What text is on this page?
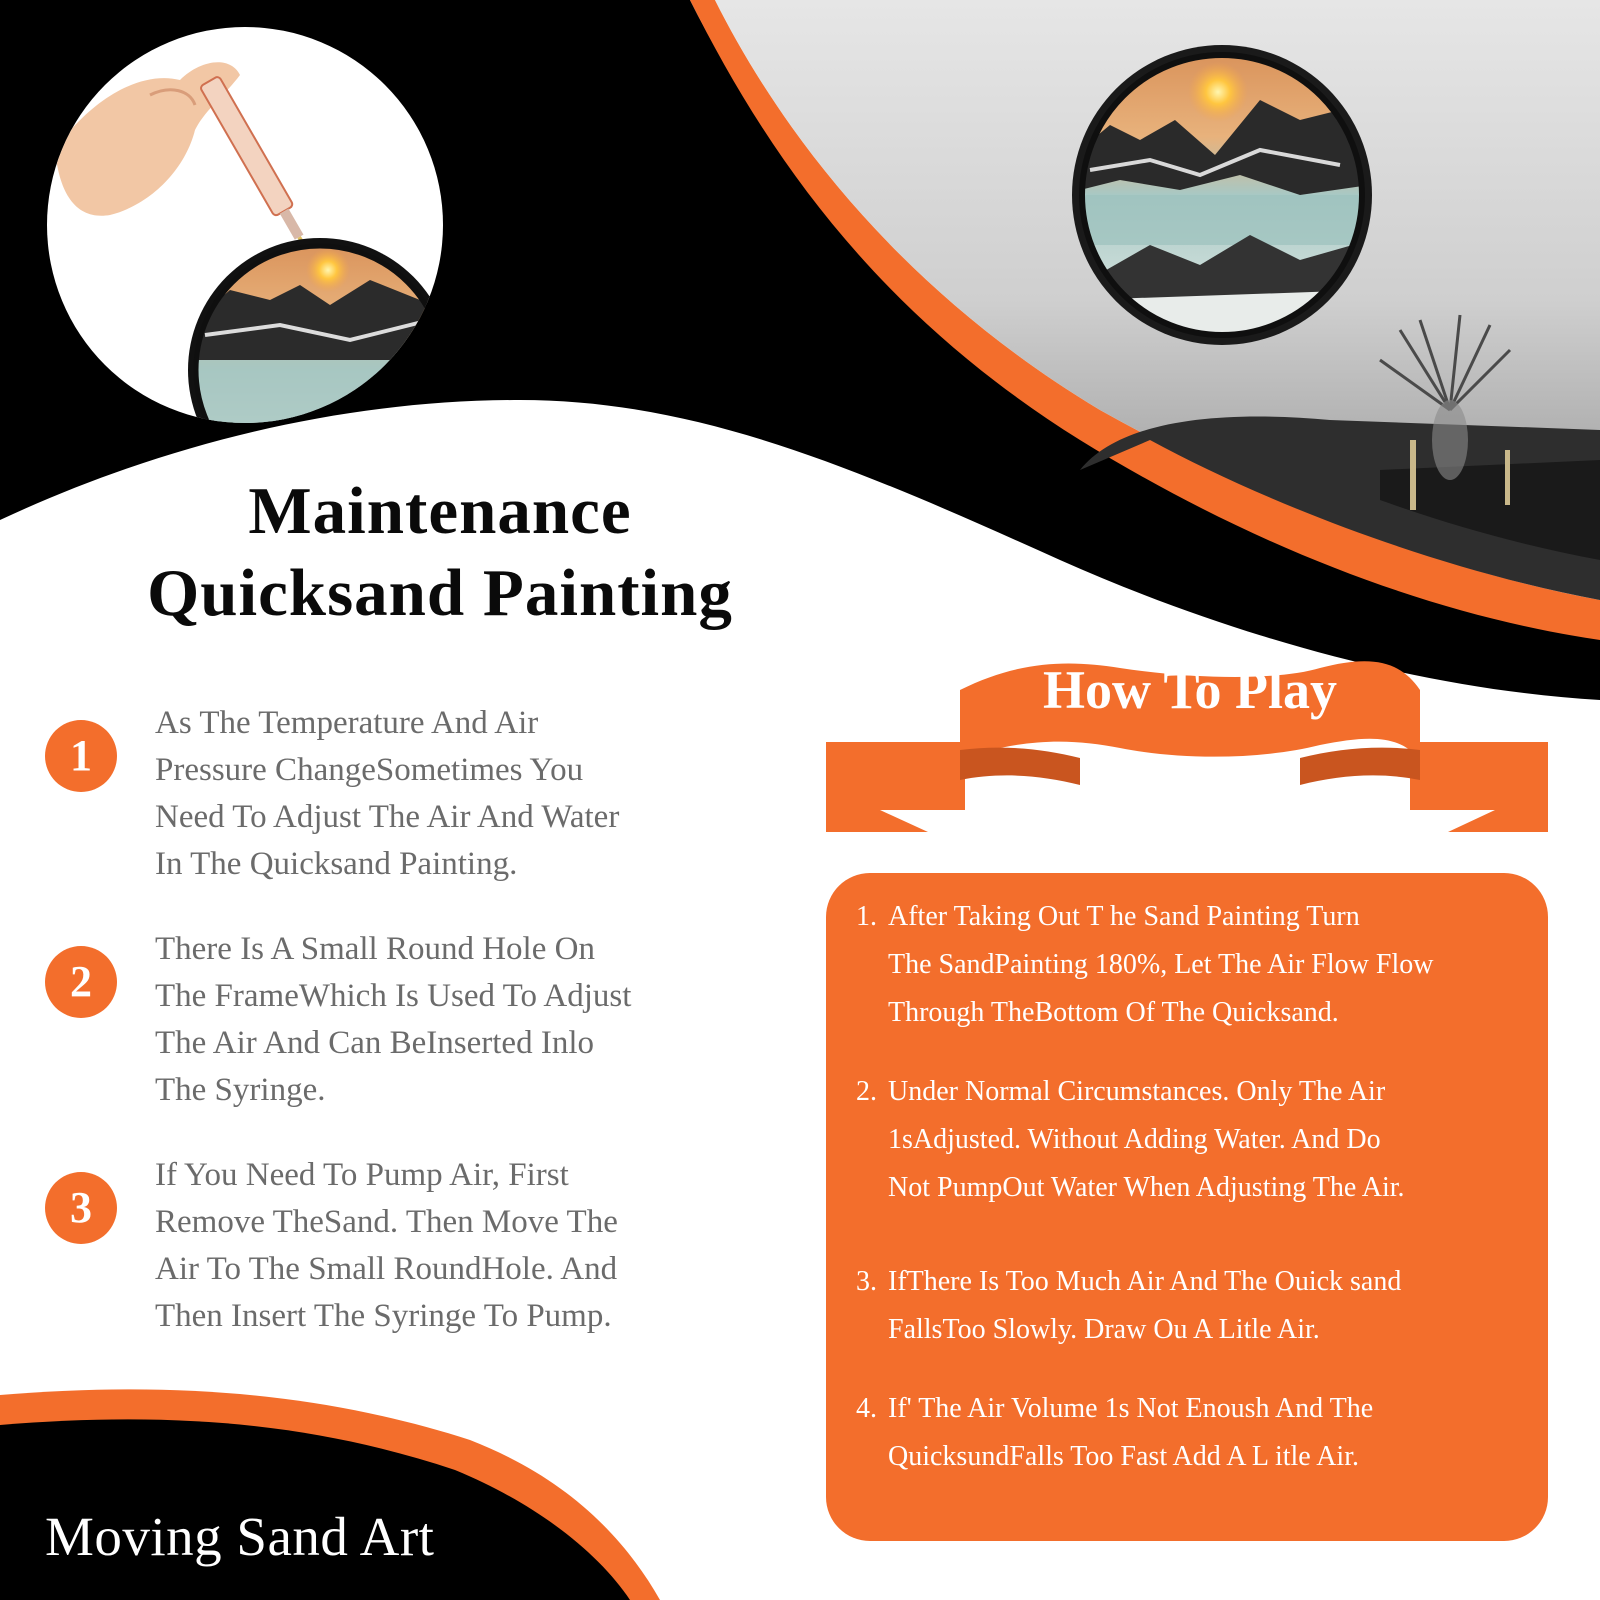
Maintenance
Quicksand Painting
1
As The Temperature And Air
Pressure ChangeSometimes You
Need To Adjust The Air And Water
In The Quicksand Painting.
2
There Is A Small Round Hole On
The FrameWhich Is Used To Adjust
The Air And Can BeInserted Inlo
The Syringe.
3
If You Need To Pump Air, First
Remove TheSand. Then Move The
Air To The Small RoundHole. And
Then Insert The Syringe To Pump.
How To Play
1. After Taking Out T he Sand Painting Turn
The SandPainting 180%, Let The Air Flow Flow
Through TheBottom Of The Quicksand.
2. Under Normal Circumstances. Only The Air
1sAdjusted. Without Adding Water. And Do
Not PumpOut Water When Adjusting The Air.
3. IfThere Is Too Much Air And The Ouick sand
FallsToo Slowly. Draw Ou A Litle Air.
4. If' The Air Volume 1s Not Enoush And The
QuicksundFalls Too Fast Add A L itle Air.
Moving Sand Art
